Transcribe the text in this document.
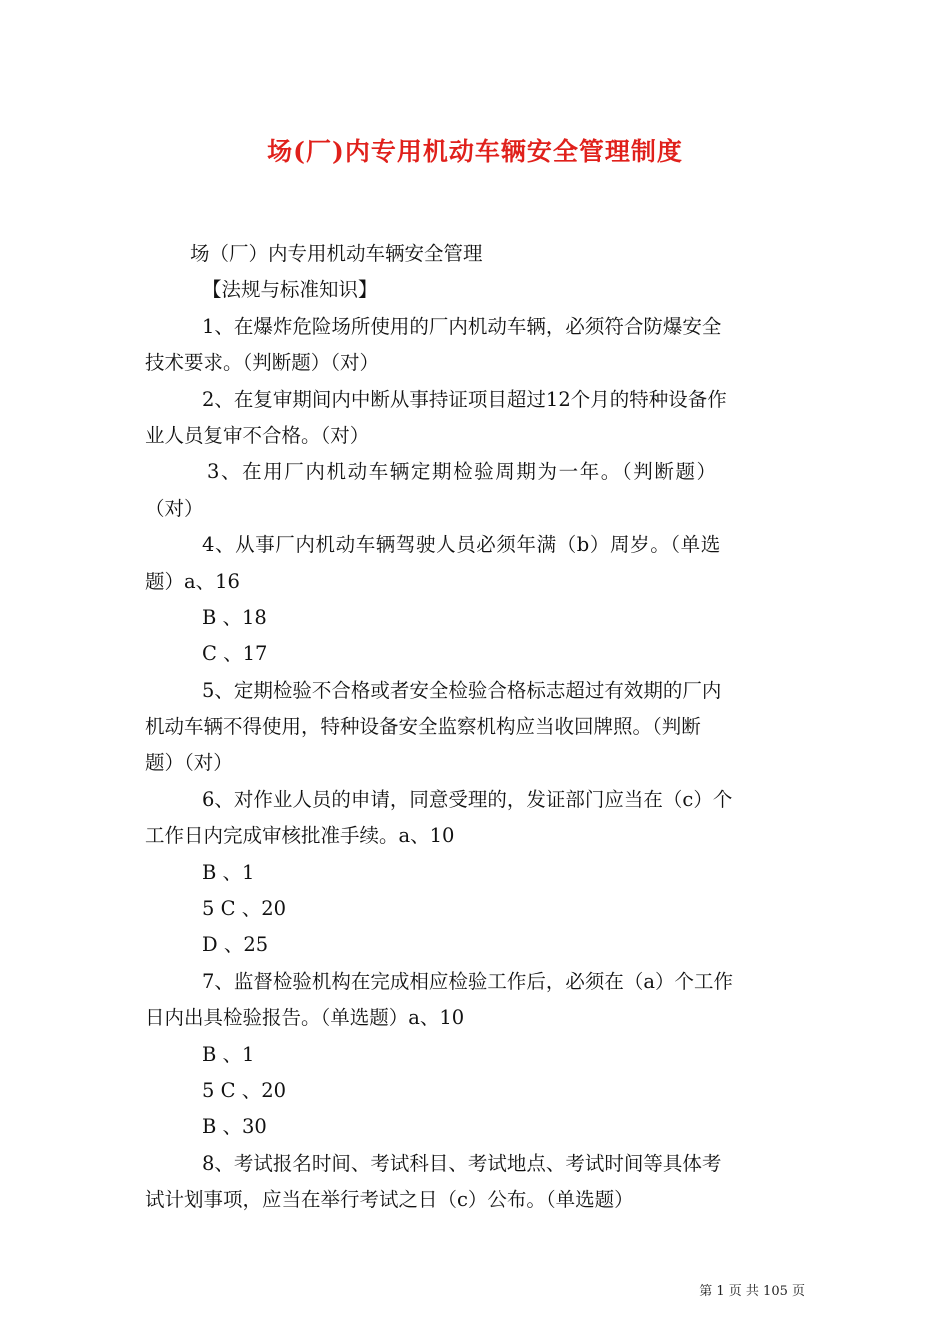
场(厂)内专用机动车辆安全管理制度
场（厂）内专用机动车辆安全管理
【法规与标准知识】
1、在爆炸危险场所使用的厂内机动车辆，必须符合防爆安全
技术要求。（判断题）（对）
2、在复审期间内中断从事持证项目超过12个月的特种设备作
业人员复审不合格。（对）
3、在用厂内机动车辆定期检验周期为一年。（判断题）
（对）
4、从事厂内机动车辆驾驶人员必须年满（b）周岁。（单选
题）a、16
B 、18
C 、17
5、定期检验不合格或者安全检验合格标志超过有效期的厂内
机动车辆不得使用，特种设备安全监察机构应当收回牌照。（判断
题）（对）
6、对作业人员的申请，同意受理的，发证部门应当在（c）个
工作日内完成审核批准手续。a、10
B 、1
5 C 、20
D 、25
7、监督检验机构在完成相应检验工作后，必须在（a）个工作
日内出具检验报告。（单选题）a、10
B 、1
5 C 、20
B 、30
8、考试报名时间、考试科目、考试地点、考试时间等具体考
试计划事项，应当在举行考试之日（c）公布。（单选题）
第 1 页 共 105 页
